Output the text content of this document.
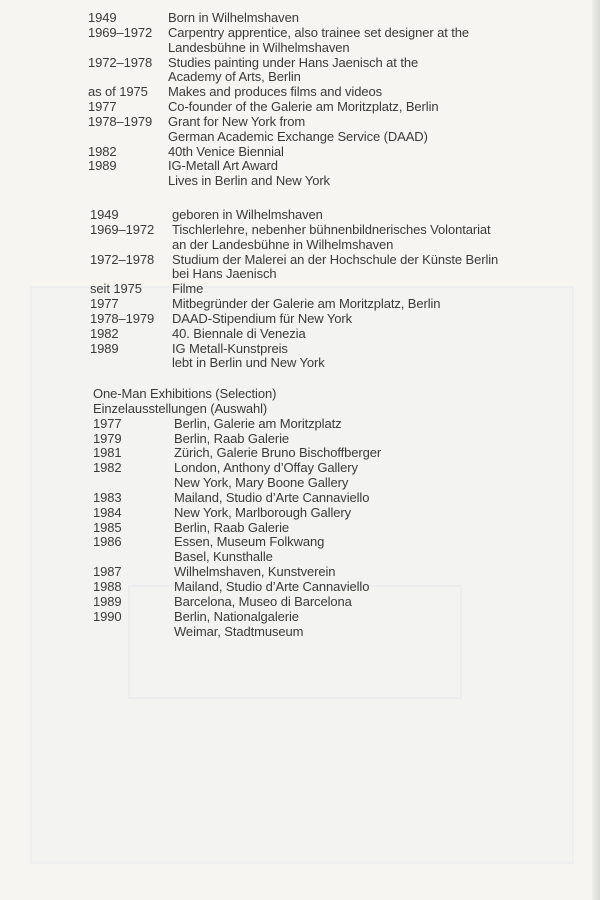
1949	Born in Wilhelmshaven
1969–1972	Carpentry apprentice, also trainee set designer at the
Landesbühne in Wilhelmshaven
1972–1978	Studies painting under Hans Jaenisch at the
Academy of Arts, Berlin
as of 1975	Makes and produces films and videos
1977	Co-founder of the Galerie am Moritzplatz, Berlin
1978–1979	Grant for New York from
German Academic Exchange Service (DAAD)
1982	40th Venice Biennial
1989	IG-Metall Art Award
Lives in Berlin and New York
1949	geboren in Wilhelmshaven
1969–1972	Tischlerlehre, nebenher bühnenbildnerisches Volontariat
an der Landesbühne in Wilhelmshaven
1972–1978	Studium der Malerei an der Hochschule der Künste Berlin
bei Hans Jaenisch
seit 1975	Filme
1977	Mitbegründer der Galerie am Moritzplatz, Berlin
1978–1979	DAAD-Stipendium für New York
1982	40. Biennale di Venezia
1989	IG Metall-Kunstpreis
lebt in Berlin und New York
One-Man Exhibitions (Selection)
Einzelausstellungen (Auswahl)
1977	Berlin, Galerie am Moritzplatz
1979	Berlin, Raab Galerie
1981	Zürich, Galerie Bruno Bischoffberger
1982	London, Anthony d’Offay Gallery
New York, Mary Boone Gallery
1983	Mailand, Studio d’Arte Cannaviello
1984	New York, Marlborough Gallery
1985	Berlin, Raab Galerie
1986	Essen, Museum Folkwang
Basel, Kunsthalle
1987	Wilhelmshaven, Kunstverein
1988	Mailand, Studio d’Arte Cannaviello
1989	Barcelona, Museo di Barcelona
1990	Berlin, Nationalgalerie
Weimar, Stadtmuseum
